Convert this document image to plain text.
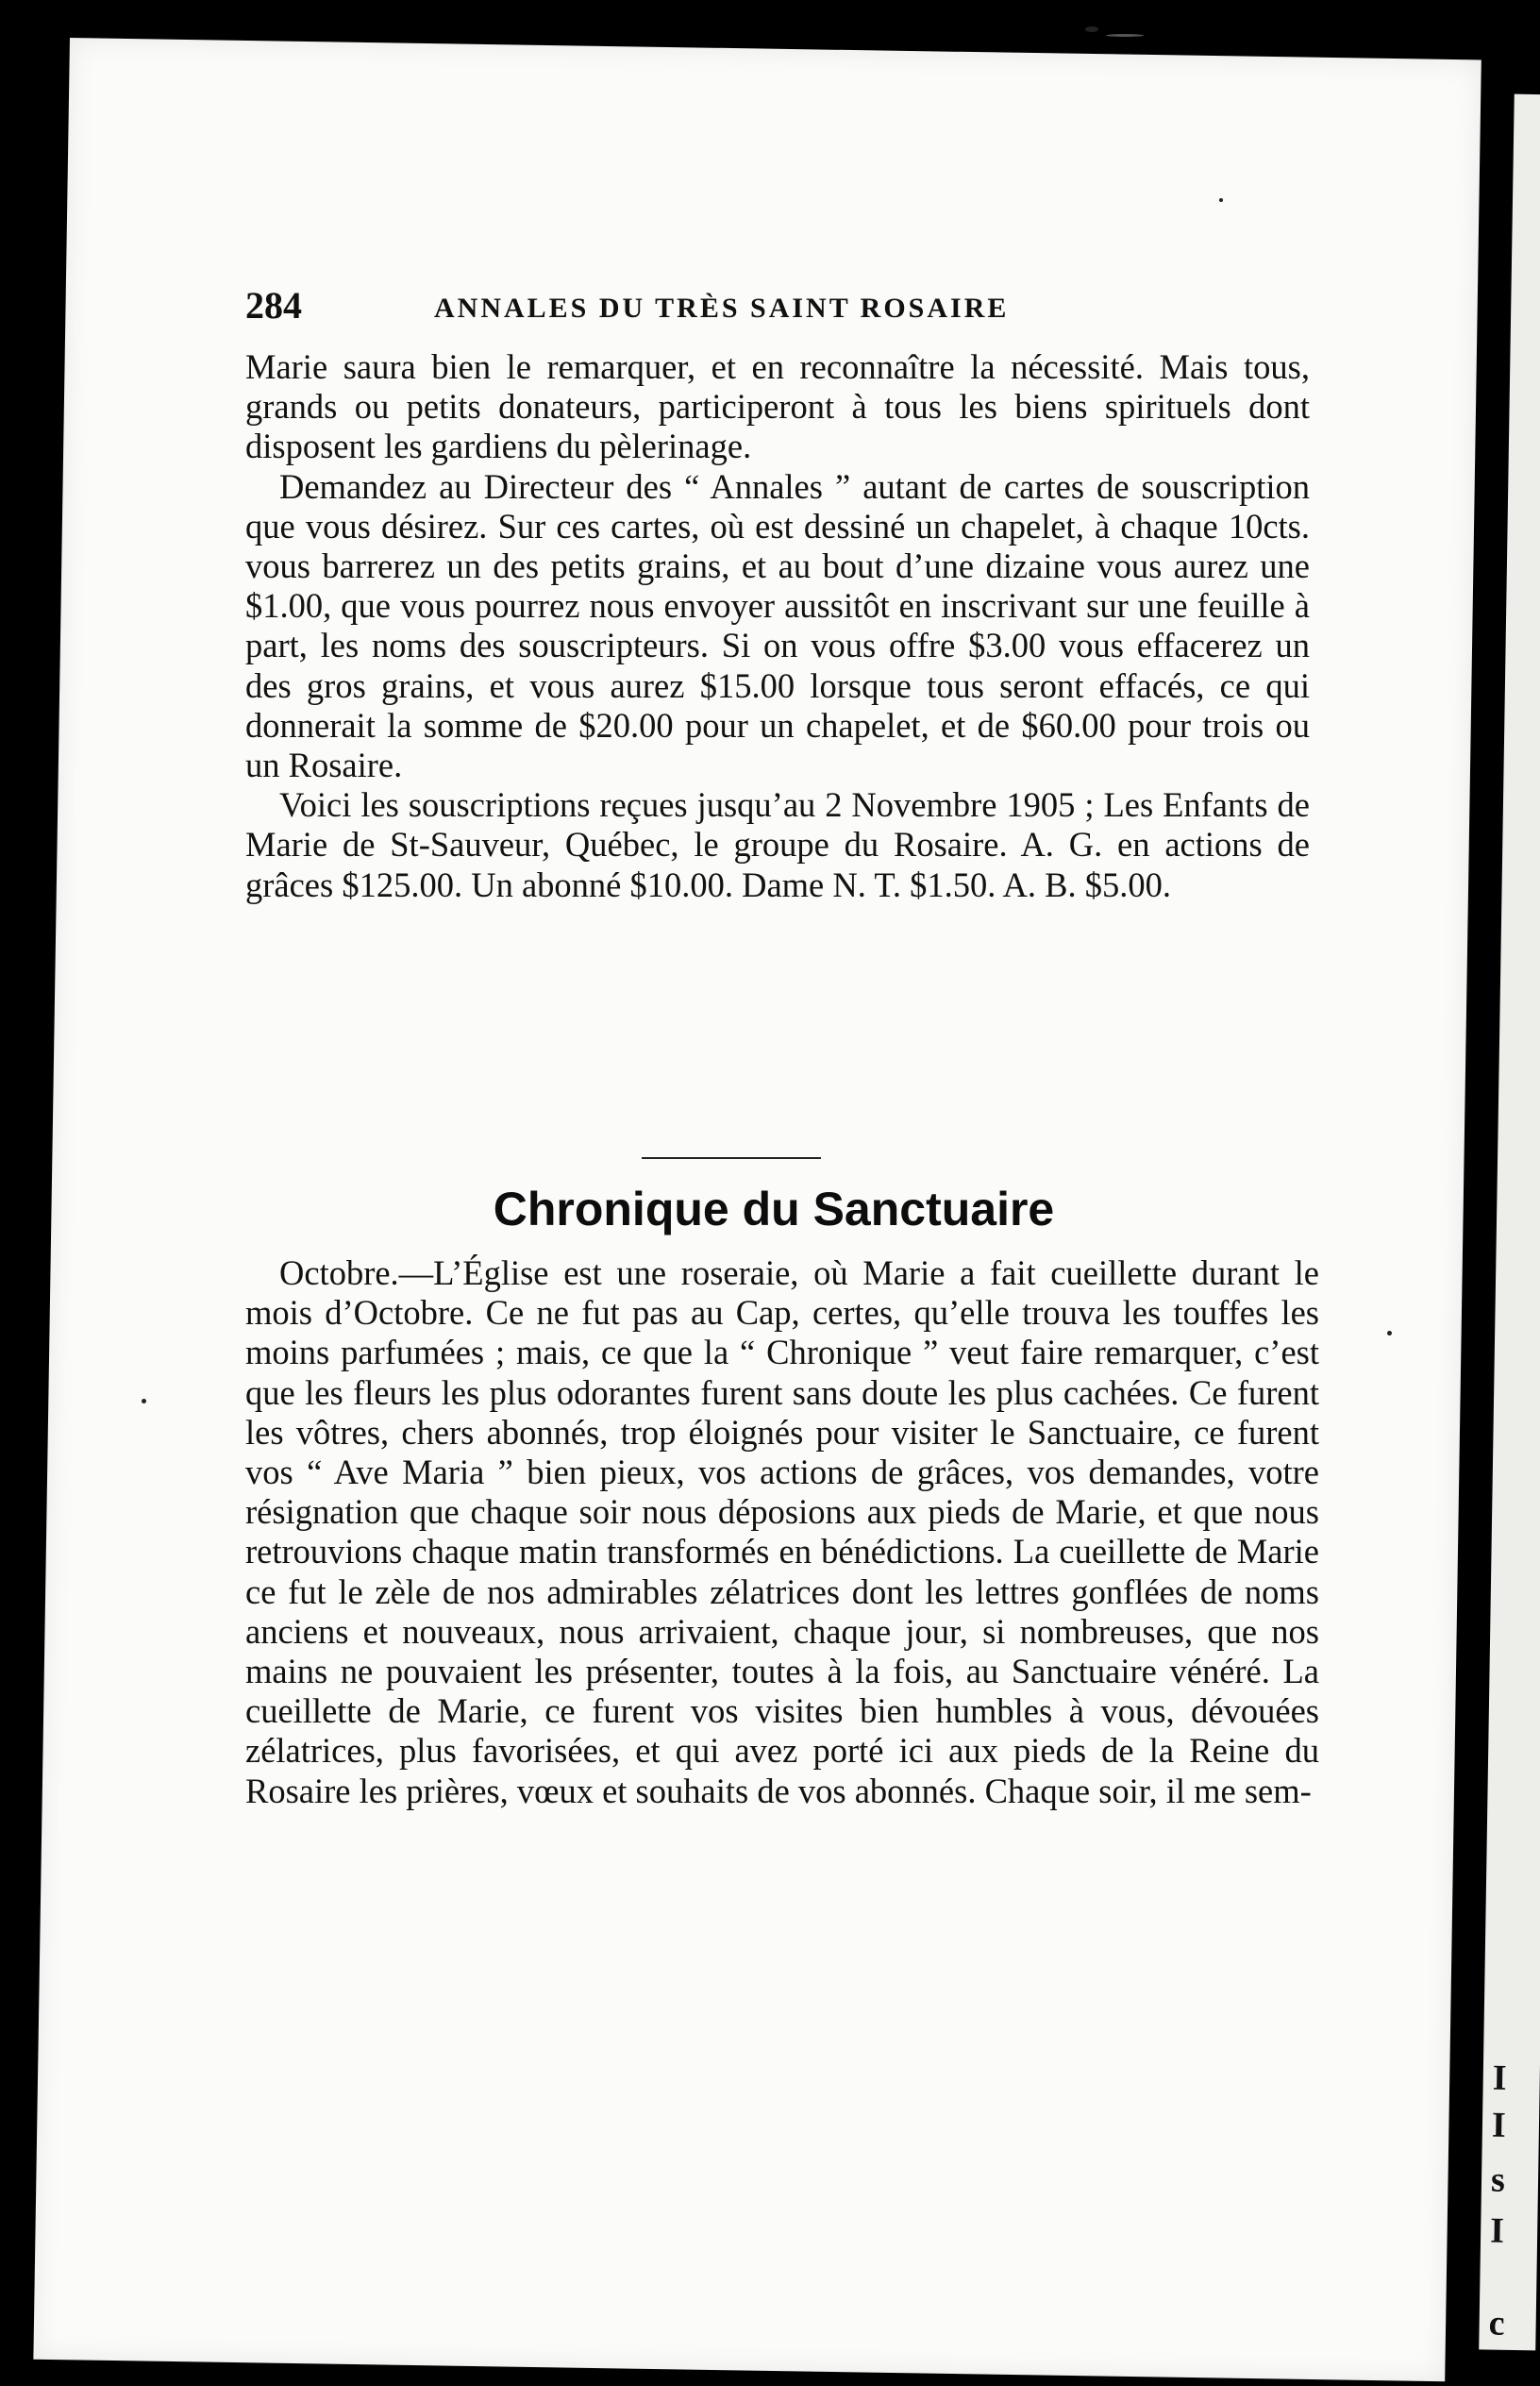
I
I
s
I
c
284	ANNALES DU TRÈS SAINT ROSAIRE

Marie saura bien le remarquer, et en reconnaître la nécessité. Mais tous, grands ou petits donateurs, participeront à tous les biens spirituels dont disposent les gardiens du pèlerinage.

Demandez au Directeur des “ Annales ” autant de cartes de souscription que vous désirez. Sur ces cartes, où est dessiné un chapelet, à chaque 10cts. vous barrerez un des petits grains, et au bout d’une dizaine vous aurez une $1.00, que vous pourrez nous envoyer aussitôt en inscrivant sur une feuille à part, les noms des souscripteurs. Si on vous offre $3.00 vous effacerez un des gros grains, et vous aurez $15.00 lorsque tous seront effacés, ce qui donnerait la somme de $20.00 pour un chapelet, et de $60.00 pour trois ou un Rosaire.

Voici les souscriptions reçues jusqu’au 2 Novembre 1905 ; Les Enfants de Marie de St-Sauveur, Québec, le groupe du Rosaire. A. G. en actions de grâces $125.00. Un abonné $10.00. Dame N. T. $1.50. A. B. $5.00.

Chronique du Sanctuaire

Octobre.—L’Église est une roseraie, où Marie a fait cueillette durant le mois d’Octobre. Ce ne fut pas au Cap, certes, qu’elle trouva les touffes les moins parfumées ; mais, ce que la “ Chronique ” veut faire remarquer, c’est que les fleurs les plus odorantes furent sans doute les plus cachées. Ce furent les vôtres, chers abonnés, trop éloignés pour visiter le Sanctuaire, ce furent vos “ Ave Maria ” bien pieux, vos actions de grâces, vos demandes, votre résignation que chaque soir nous déposions aux pieds de Marie, et que nous retrouvions chaque matin transformés en bénédictions. La cueillette de Marie ce fut le zèle de nos admirables zélatrices dont les lettres gonflées de noms anciens et nouveaux, nous arrivaient, chaque jour, si nombreuses, que nos mains ne pouvaient les présenter, toutes à la fois, au Sanctuaire vénéré. La cueillette de Marie, ce furent vos visites bien humbles à vous, dévouées zélatrices, plus favorisées, et qui avez porté ici aux pieds de la Reine du Rosaire les prières, vœux et souhaits de vos abonnés. Chaque soir, il me sem-
